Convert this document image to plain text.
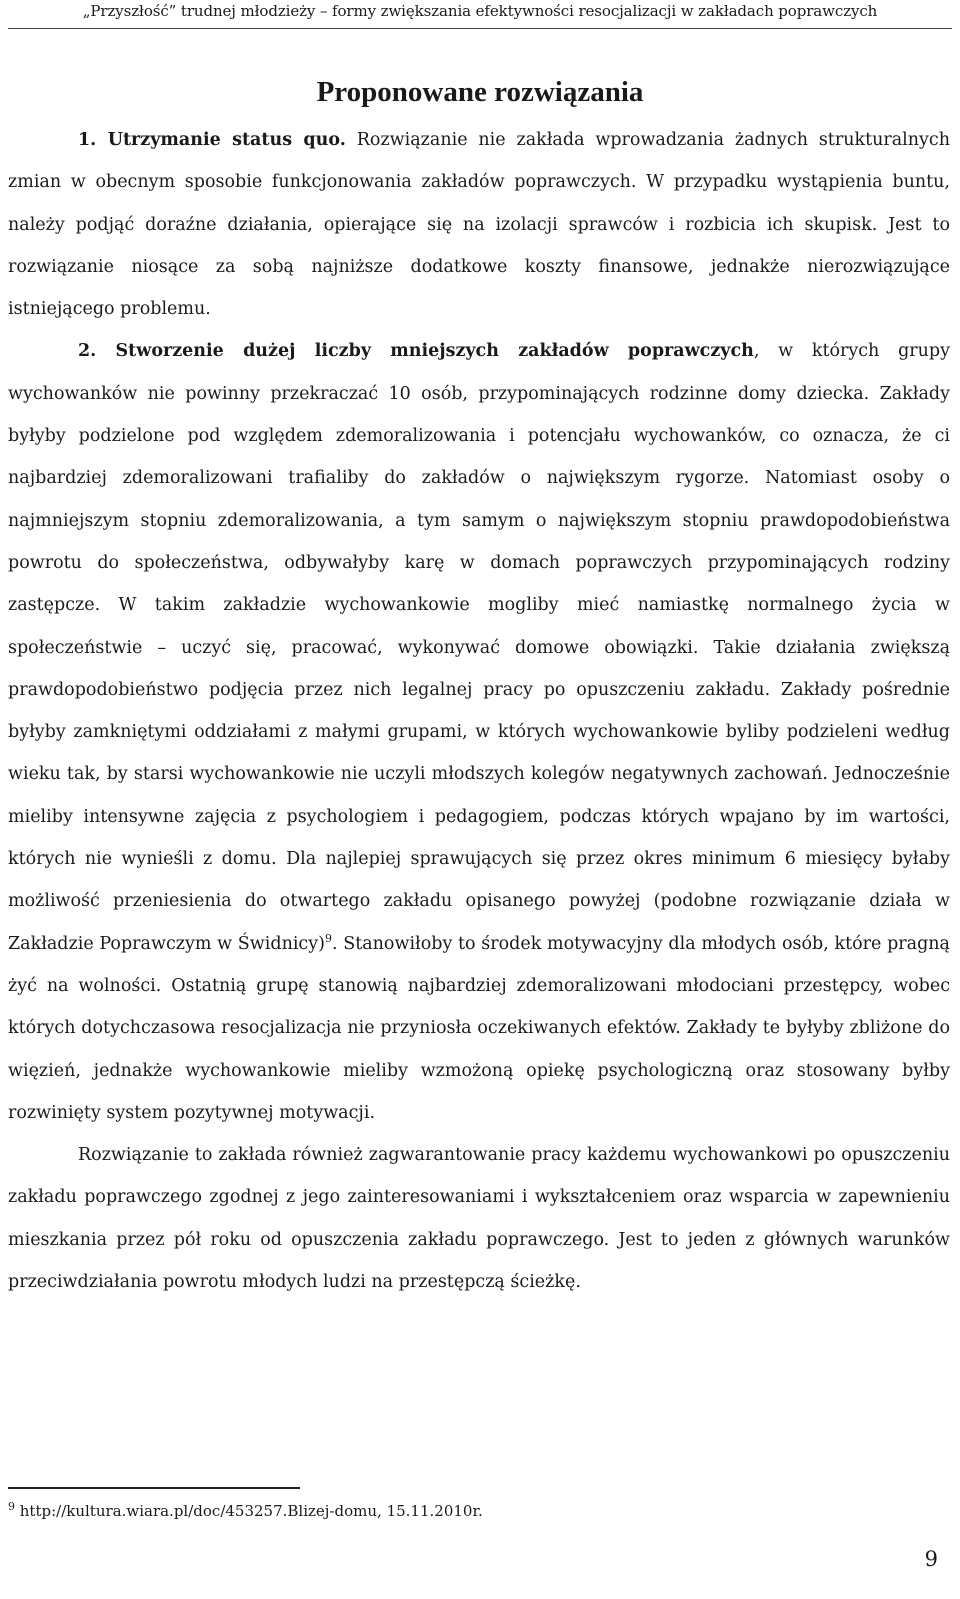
„Przyszłość” trudnej młodzieży – formy zwiększania efektywności resocjalizacji w zakładach poprawczych
Proponowane rozwiązania

1. Utrzymanie status quo. Rozwiązanie nie zakłada wprowadzania żadnych strukturalnych zmian w obecnym sposobie funkcjonowania zakładów poprawczych. W przypadku wystąpienia buntu, należy podjąć doraźne działania, opierające się na izolacji sprawców i rozbicia ich skupisk. Jest to rozwiązanie niosące za sobą najniższe dodatkowe koszty finansowe, jednakże nierozwiązujące istniejącego problemu.

2. Stworzenie dużej liczby mniejszych zakładów poprawczych, w których grupy wychowanków nie powinny przekraczać 10 osób, przypominających rodzinne domy dziecka. Zakłady byłyby podzielone pod względem zdemoralizowania i potencjału wychowanków, co oznacza, że ci najbardziej zdemoralizowani trafialiby do zakładów o największym rygorze. Natomiast osoby o najmniejszym stopniu zdemoralizowania, a tym samym o największym stopniu prawdopodobieństwa powrotu do społeczeństwa, odbywałyby karę w domach poprawczych przypominających rodziny zastępcze. W takim zakładzie wychowankowie mogliby mieć namiastkę normalnego życia w społeczeństwie – uczyć się, pracować, wykonywać domowe obowiązki. Takie działania zwiększą prawdopodobieństwo podjęcia przez nich legalnej pracy po opuszczeniu zakładu. Zakłady pośrednie byłyby zamkniętymi oddziałami z małymi grupami, w których wychowankowie byliby podzieleni według wieku tak, by starsi wychowankowie nie uczyli młodszych kolegów negatywnych zachowań. Jednocześnie mieliby intensywne zajęcia z psychologiem i pedagogiem, podczas których wpajano by im wartości, których nie wynieśli z domu. Dla najlepiej sprawujących się przez okres minimum 6 miesięcy byłaby możliwość przeniesienia do otwartego zakładu opisanego powyżej (podobne rozwiązanie działa w Zakładzie Poprawczym w Świdnicy)$^9$. Stanowiłoby to środek motywacyjny dla młodych osób, które pragną żyć na wolności. Ostatnią grupę stanowią najbardziej zdemoralizowani młodociani przestępcy, wobec których dotychczasowa resocjalizacja nie przyniosła oczekiwanych efektów. Zakłady te byłyby zbliżone do więzień, jednakże wychowankowie mieliby wzmożoną opiekę psychologiczną oraz stosowany byłby rozwinięty system pozytywnej motywacji.

Rozwiązanie to zakłada również zagwarantowanie pracy każdemu wychowankowi po opuszczeniu zakładu poprawczego zgodnej z jego zainteresowaniami i wykształceniem oraz wsparcia w zapewnieniu mieszkania przez pół roku od opuszczenia zakładu poprawczego. Jest to jeden z głównych warunków przeciwdziałania powrotu młodych ludzi na przestępczą ścieżkę.

$^9$ http://kultura.wiara.pl/doc/453257.Blizej-domu, 15.11.2010r.
9
